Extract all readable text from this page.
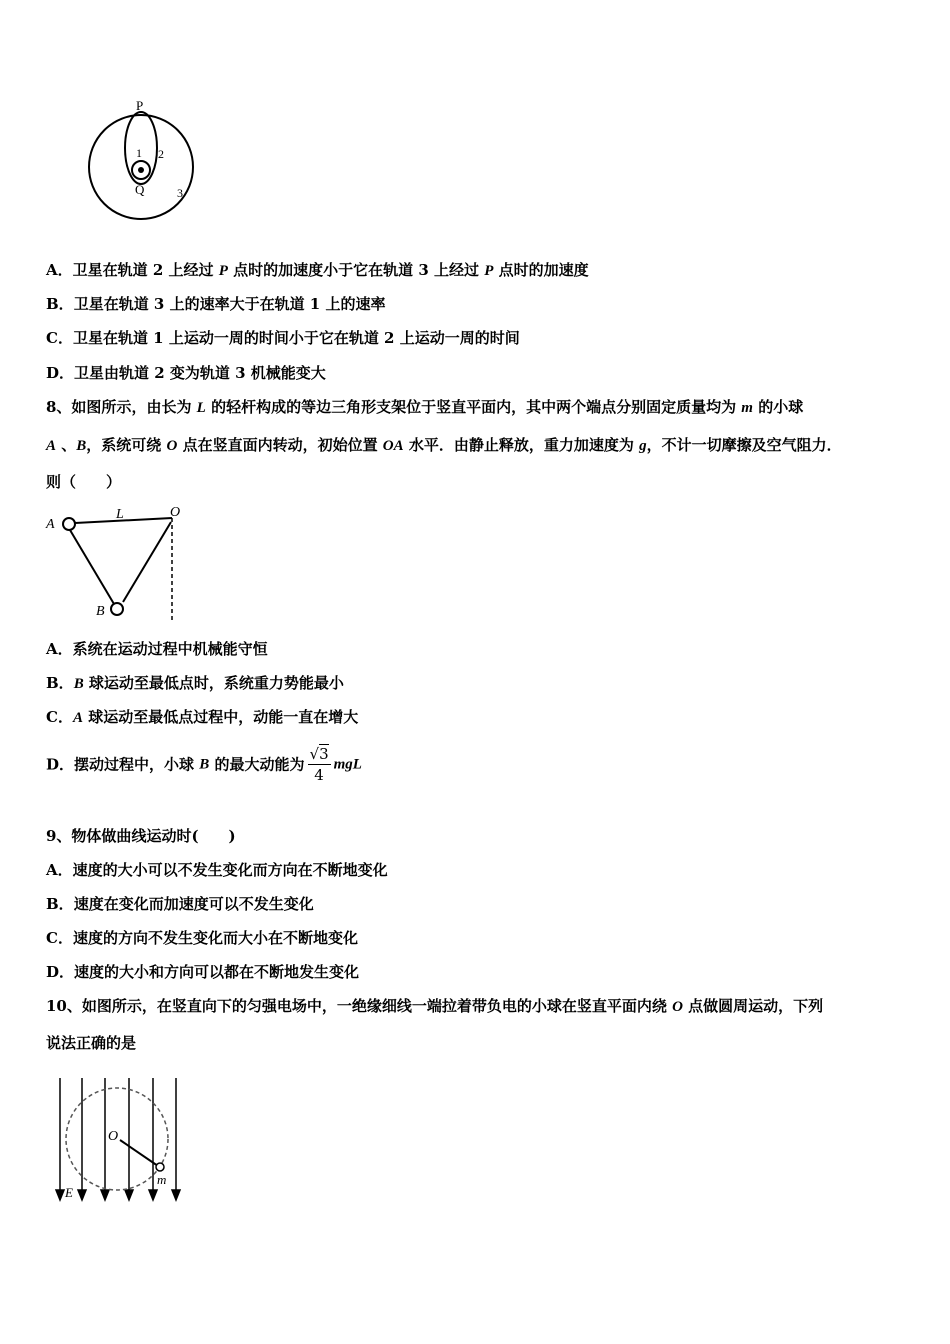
P
1 2
Q	3
A．卫星在轨道 2 上经过 P 点时的加速度小于它在轨道 3 上经过 P 点时的加速度
B．卫星在轨道 3 上的速率大于在轨道 1 上的速率
C．卫星在轨道 1 上运动一周的时间小于它在轨道 2 上运动一周的时间
D．卫星由轨道 2 变为轨道 3 机械能变大
8、如图所示，由长为 L 的轻杆构成的等边三角形支架位于竖直平面内，其中两个端点分别固定质量均为 m 的小球
A 、B，系统可绕 O 点在竖直面内转动，初始位置 OA 水平．由静止释放，重力加速度为 g，不计一切摩擦及空气阻力．
则（　　）
A
L	O
B
A．系统在运动过程中机械能守恒
B．B 球运动至最低点时，系统重力势能最小
C．A 球运动至最低点过程中，动能一直在增大
D．摆动过程中，小球 B 的最大动能为 $\frac{√3}{4}$ mgL
9、物体做曲线运动时(　　)
A．速度的大小可以不发生变化而方向在不断地变化
B．速度在变化而加速度可以不发生变化
C．速度的方向不发生变化而大小在不断地变化
D．速度的大小和方向可以都在不断地发生变化
10、如图所示，在竖直向下的匀强电场中，一绝缘细线一端拉着带负电的小球在竖直平面内绕 O 点做圆周运动，下列
说法正确的是
O
m
E
